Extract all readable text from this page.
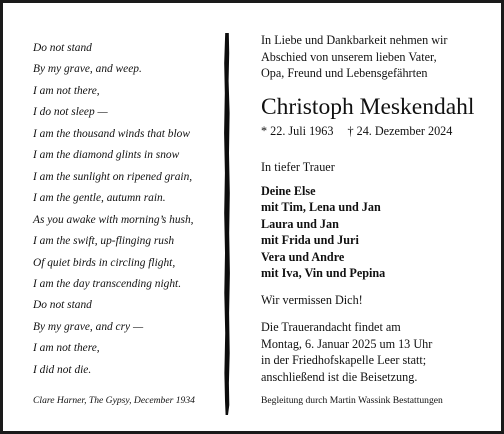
Do not stand
By my grave, and weep.
I am not there,
I do not sleep —
I am the thousand winds that blow
I am the diamond glints in snow
I am the sunlight on ripened grain,
I am the gentle, autumn rain.
As you awake with morning’s hush,
I am the swift, up-flinging rush
Of quiet birds in circling flight,
I am the day transcending night.
Do not stand
By my grave, and cry —
I am not there,
I did not die.
Clare Harner, The Gypsy, December 1934
In Liebe und Dankbarkeit nehmen wir
Abschied von unserem lieben Vater,
Opa, Freund und Lebensgefährten
Christoph Meskendahl
* 22. Juli 1963 † 24. Dezember 2024
In tiefer Trauer
Deine Else
mit Tim, Lena und Jan
Laura und Jan
mit Frida und Juri
Vera und Andre
mit Iva, Vin und Pepina
Wir vermissen Dich!
Die Trauerandacht findet am
Montag, 6. Januar 2025 um 13 Uhr
in der Friedhofskapelle Leer statt;
anschließend ist die Beisetzung.
Begleitung durch Martin Wassink Bestattungen
